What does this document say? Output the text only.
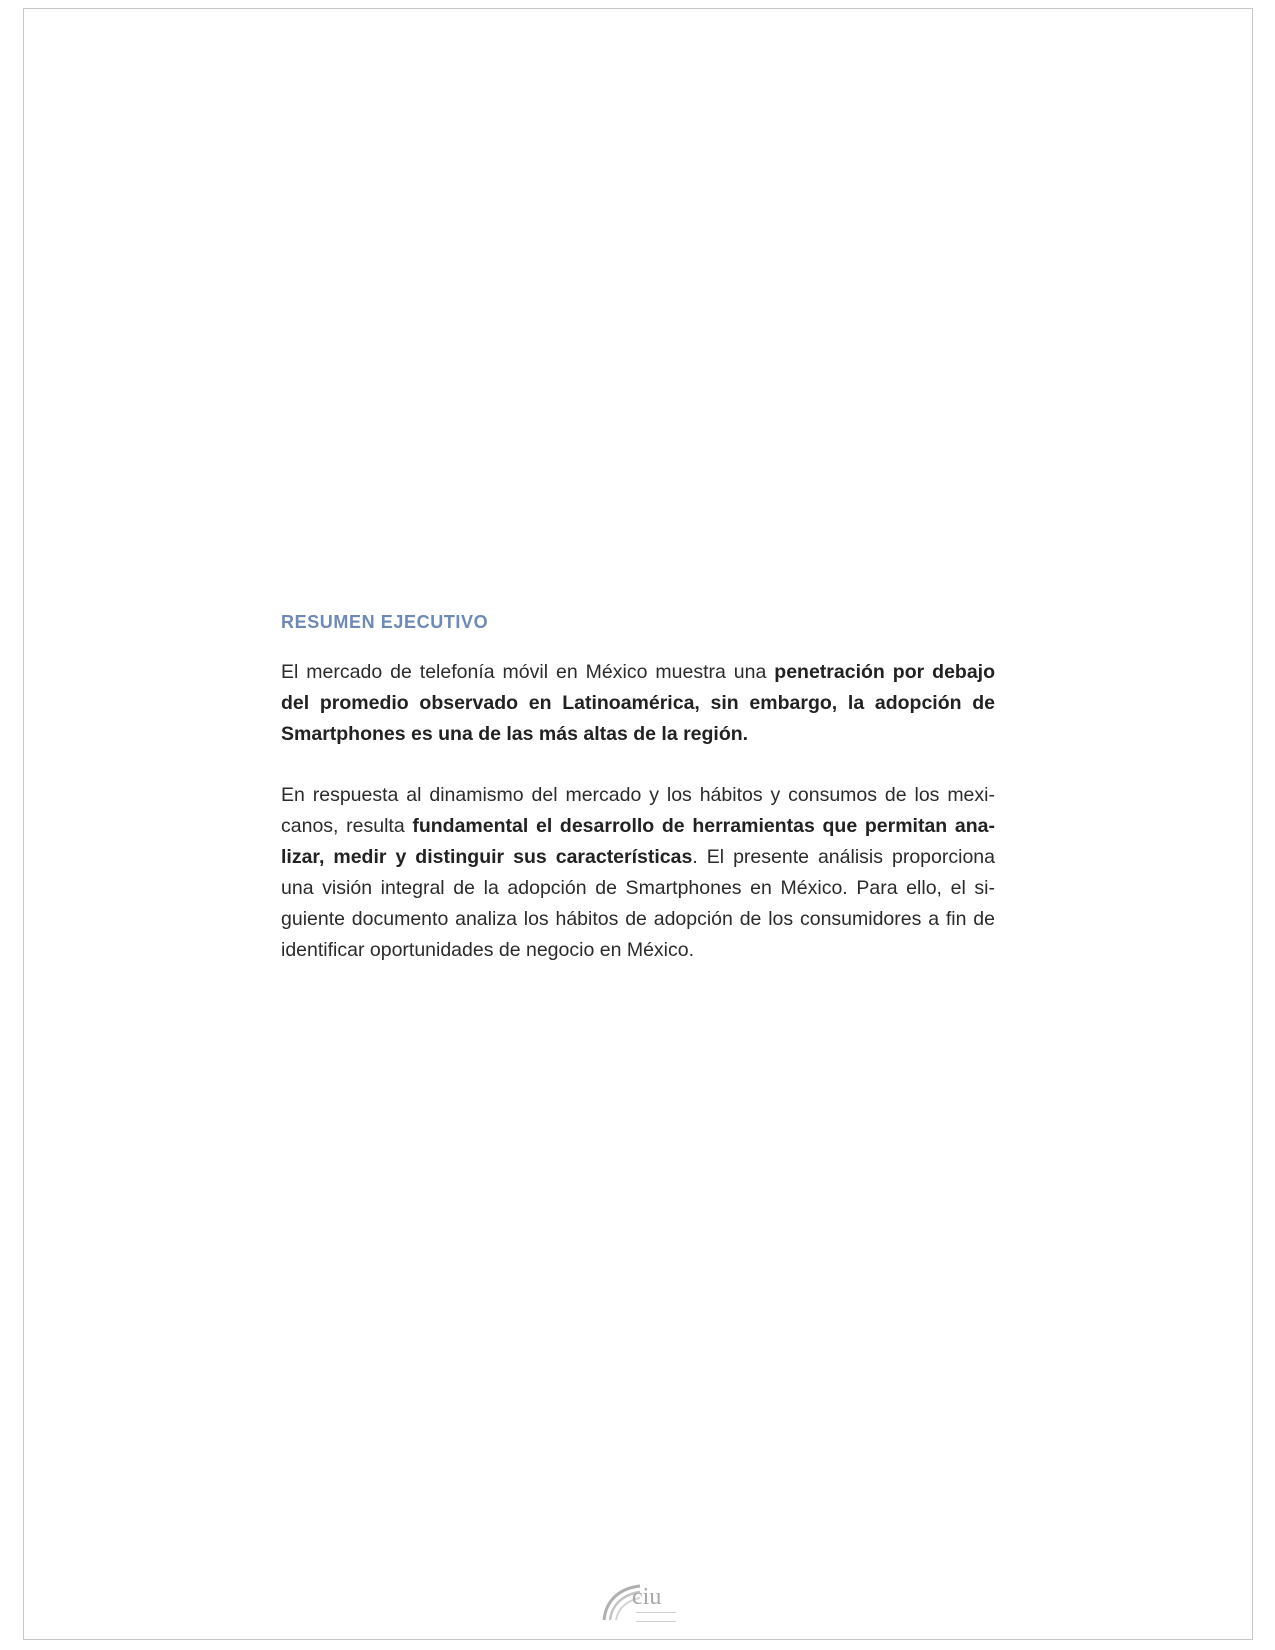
RESUMEN EJECUTIVO

El mercado de telefonía móvil en México muestra una penetración por debajo del promedio observado en Latinoamérica, sin embargo, la adopción de Smartphones es una de las más altas de la región.

En respuesta al dinamismo del mercado y los hábitos y consumos de los mexicanos, resulta fundamental el desarrollo de herramientas que permitan analizar, medir y distinguir sus características. El presente análisis proporciona una visión integral de la adopción de Smartphones en México. Para ello, el siguiente documento analiza los hábitos de adopción de los consumidores a fin de identificar oportunidades de negocio en México.

ciu
